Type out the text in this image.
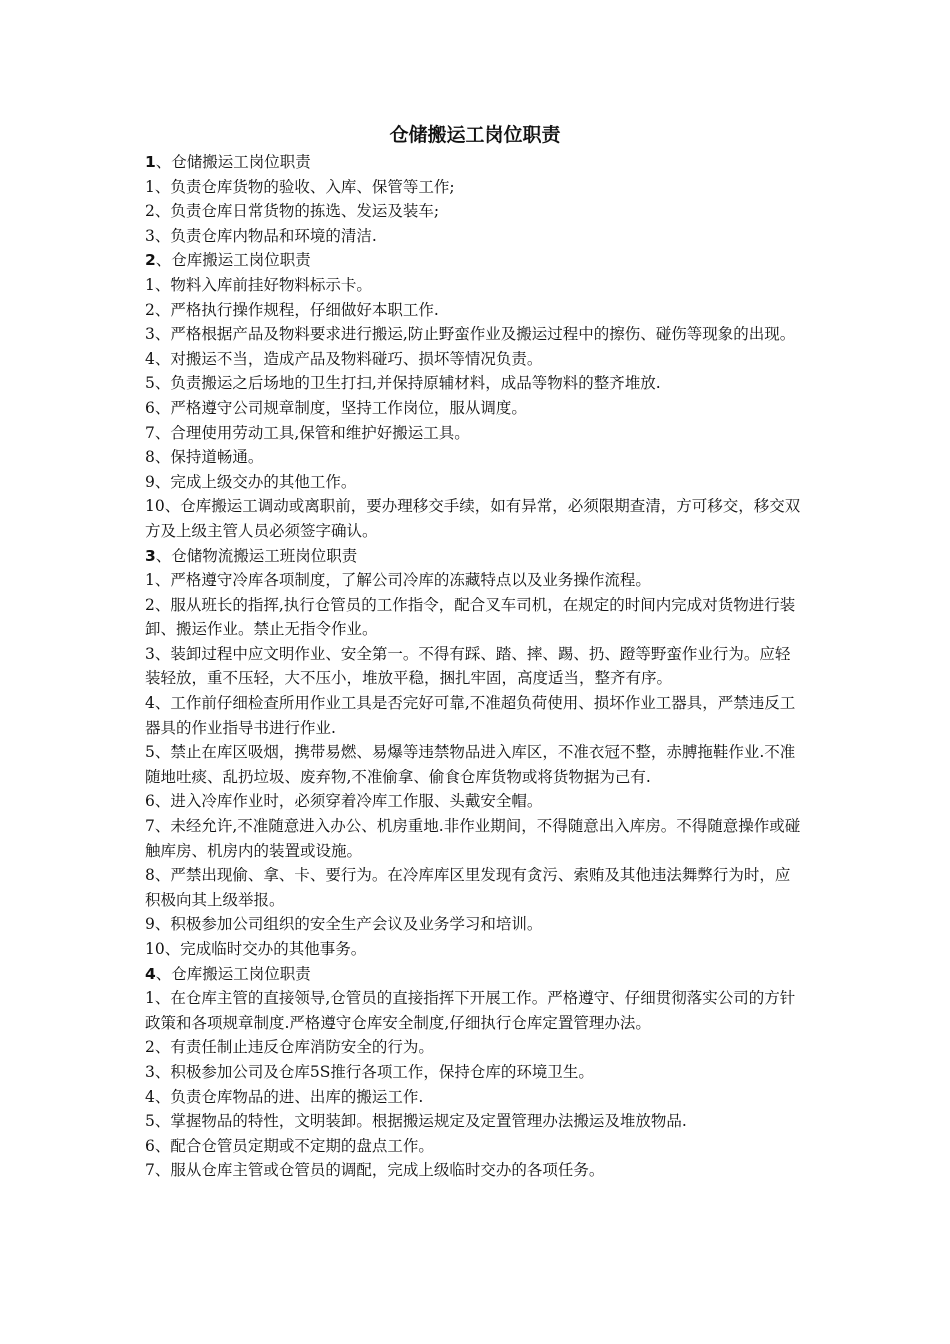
仓储搬运工岗位职责

1、仓储搬运工岗位职责

1、负责仓库货物的验收、入库、保管等工作;

2、负责仓库日常货物的拣选、发运及装车;

3、负责仓库内物品和环境的清洁.

2、仓库搬运工岗位职责

1、物料入库前挂好物料标示卡。

2、严格执行操作规程，仔细做好本职工作.

3、严格根据产品及物料要求进行搬运,防止野蛮作业及搬运过程中的擦伤、碰伤等现象的出现。

4、对搬运不当，造成产品及物料碰巧、损坏等情况负责。

5、负责搬运之后场地的卫生打扫,并保持原辅材料，成品等物料的整齐堆放.

6、严格遵守公司规章制度，坚持工作岗位，服从调度。

7、合理使用劳动工具,保管和维护好搬运工具。

8、保持道畅通。

9、完成上级交办的其他工作。

10、仓库搬运工调动或离职前，要办理移交手续，如有异常，必须限期查清，方可移交，移交双方及上级主管人员必须签字确认。

3、仓储物流搬运工班岗位职责

1、严格遵守冷库各项制度，了解公司冷库的冻藏特点以及业务操作流程。

2、服从班长的指挥,执行仓管员的工作指令，配合叉车司机，在规定的时间内完成对货物进行装卸、搬运作业。禁止无指令作业。

3、装卸过程中应文明作业、安全第一。不得有踩、踏、摔、踢、扔、蹬等野蛮作业行为。应轻装轻放，重不压轻，大不压小，堆放平稳，捆扎牢固，高度适当，整齐有序。

4、工作前仔细检查所用作业工具是否完好可靠,不准超负荷使用、损坏作业工器具，严禁违反工器具的作业指导书进行作业.

5、禁止在库区吸烟，携带易燃、易爆等违禁物品进入库区，不准衣冠不整，赤膊拖鞋作业.不准随地吐痰、乱扔垃圾、废弃物,不准偷拿、偷食仓库货物或将货物据为己有.

6、进入冷库作业时，必须穿着冷库工作服、头戴安全帽。

7、未经允许,不准随意进入办公、机房重地.非作业期间，不得随意出入库房。不得随意操作或碰触库房、机房内的装置或设施。

8、严禁出现偷、拿、卡、要行为。在冷库库区里发现有贪污、索贿及其他违法舞弊行为时，应积极向其上级举报。

9、积极参加公司组织的安全生产会议及业务学习和培训。

10、完成临时交办的其他事务。

4、仓库搬运工岗位职责

1、在仓库主管的直接领导,仓管员的直接指挥下开展工作。严格遵守、仔细贯彻落实公司的方针政策和各项规章制度.严格遵守仓库安全制度,仔细执行仓库定置管理办法。

2、有责任制止违反仓库消防安全的行为。

3、积极参加公司及仓库5S推行各项工作，保持仓库的环境卫生。

4、负责仓库物品的进、出库的搬运工作.

5、掌握物品的特性，文明装卸。根据搬运规定及定置管理办法搬运及堆放物品.

6、配合仓管员定期或不定期的盘点工作。

7、服从仓库主管或仓管员的调配，完成上级临时交办的各项任务。
